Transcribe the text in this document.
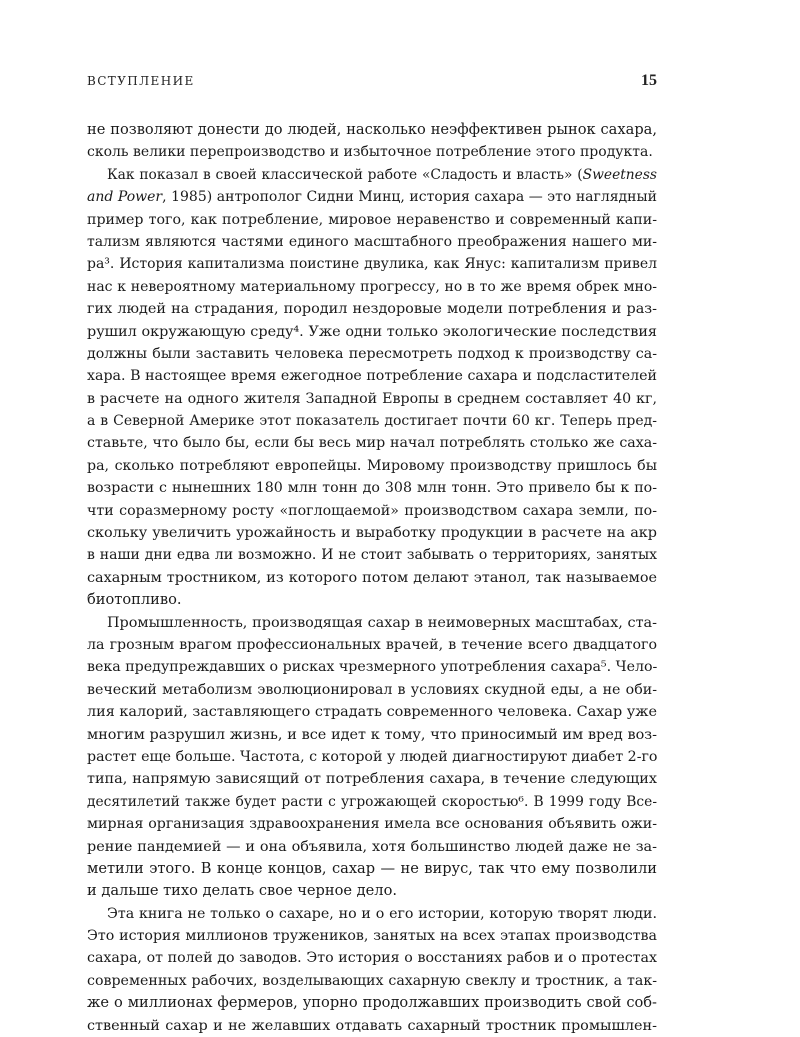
ВСТУПЛЕНИЕ	15
не позволяют донести до людей, насколько неэффективен рынок сахара,
сколь велики перепроизводство и избыточное потребление этого продукта.
Как показал в своей классической работе «Сладость и власть» (Sweetness
and Power, 1985) антрополог Сидни Минц, история сахара — это наглядный
пример того, как потребление, мировое неравенство и современный капи-
тализм являются частями единого масштабного преображения нашего ми-
ра³. История капитализма поистине двулика, как Янус: капитализм привел
нас к невероятному материальному прогрессу, но в то же время обрек мно-
гих людей на страдания, породил нездоровые модели потребления и раз-
рушил окружающую среду⁴. Уже одни только экологические последствия
должны были заставить человека пересмотреть подход к производству са-
хара. В настоящее время ежегодное потребление сахара и подсластителей
в расчете на одного жителя Западной Европы в среднем составляет 40 кг,
а в Северной Америке этот показатель достигает почти 60 кг. Теперь пред-
ставьте, что было бы, если бы весь мир начал потреблять столько же саха-
ра, сколько потребляют европейцы. Мировому производству пришлось бы
возрасти с нынешних 180 млн тонн до 308 млн тонн. Это привело бы к по-
чти соразмерному росту «поглощаемой» производством сахара земли, по-
скольку увеличить урожайность и выработку продукции в расчете на акр
в наши дни едва ли возможно. И не стоит забывать о территориях, занятых
сахарным тростником, из которого потом делают этанол, так называемое
биотопливо.
Промышленность, производящая сахар в неимоверных масштабах, ста-
ла грозным врагом профессиональных врачей, в течение всего двадцатого
века предупреждавших о рисках чрезмерного употребления сахара⁵. Чело-
веческий метаболизм эволюционировал в условиях скудной еды, а не оби-
лия калорий, заставляющего страдать современного человека. Сахар уже
многим разрушил жизнь, и все идет к тому, что приносимый им вред воз-
растет еще больше. Частота, с которой у людей диагностируют диабет 2-го
типа, напрямую зависящий от потребления сахара, в течение следующих
десятилетий также будет расти с угрожающей скоростью⁶. В 1999 году Все-
мирная организация здравоохранения имела все основания объявить ожи-
рение пандемией — и она объявила, хотя большинство людей даже не за-
метили этого. В конце концов, сахар — не вирус, так что ему позволили
и дальше тихо делать свое черное дело.
Эта книга не только о сахаре, но и о его истории, которую творят люди.
Это история миллионов тружеников, занятых на всех этапах производства
сахара, от полей до заводов. Это история о восстаниях рабов и о протестах
современных рабочих, возделывающих сахарную свеклу и тростник, а так-
же о миллионах фермеров, упорно продолжавших производить свой соб-
ственный сахар и не желавших отдавать сахарный тростник промышлен-
